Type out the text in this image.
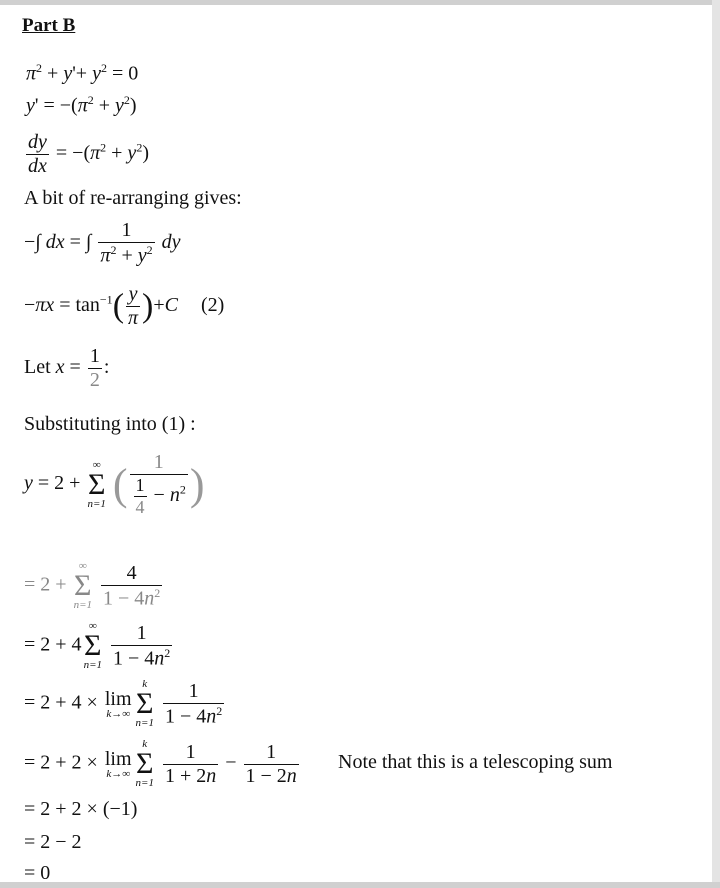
Part B
$\pi^2 + y'+ y^2 = 0$
$y' = -(\pi^2 + y^2)$
$\frac{dy}{dx} = -(\pi^2 + y^2)$
A bit of re-arranging gives:
−∫ dx = ∫ $\frac{1}{\pi^2 + y^2}$ dy
$-\pi x = \tan^{-1}( \frac{y}{\pi} )+C$ (2)
Let $x = \frac{1}{2}$ :
Substituting into (1) :
y = 2 +
∞
Σ
n=1 ( $\frac{1}{\frac{1}{4} - n^2}$ )
= 2 +
∞
Σ
n=1
$\frac{4}{1 - 4n^2}$
= 2 + 4
∞
Σ
n=1
$\frac{1}{1 - 4n^2}$
= 2 + 4 × lim
k→∞
k
Σ
n=1
$\frac{1}{1 - 4n^2}$
= 2 + 2 × lim
k→∞
k
Σ
n=1
$\frac{1}{1 + 2n} - \frac{1}{1 - 2n}$ Note that this is a telescoping sum
= 2 + 2 × (−1)
= 2 − 2
= 0
